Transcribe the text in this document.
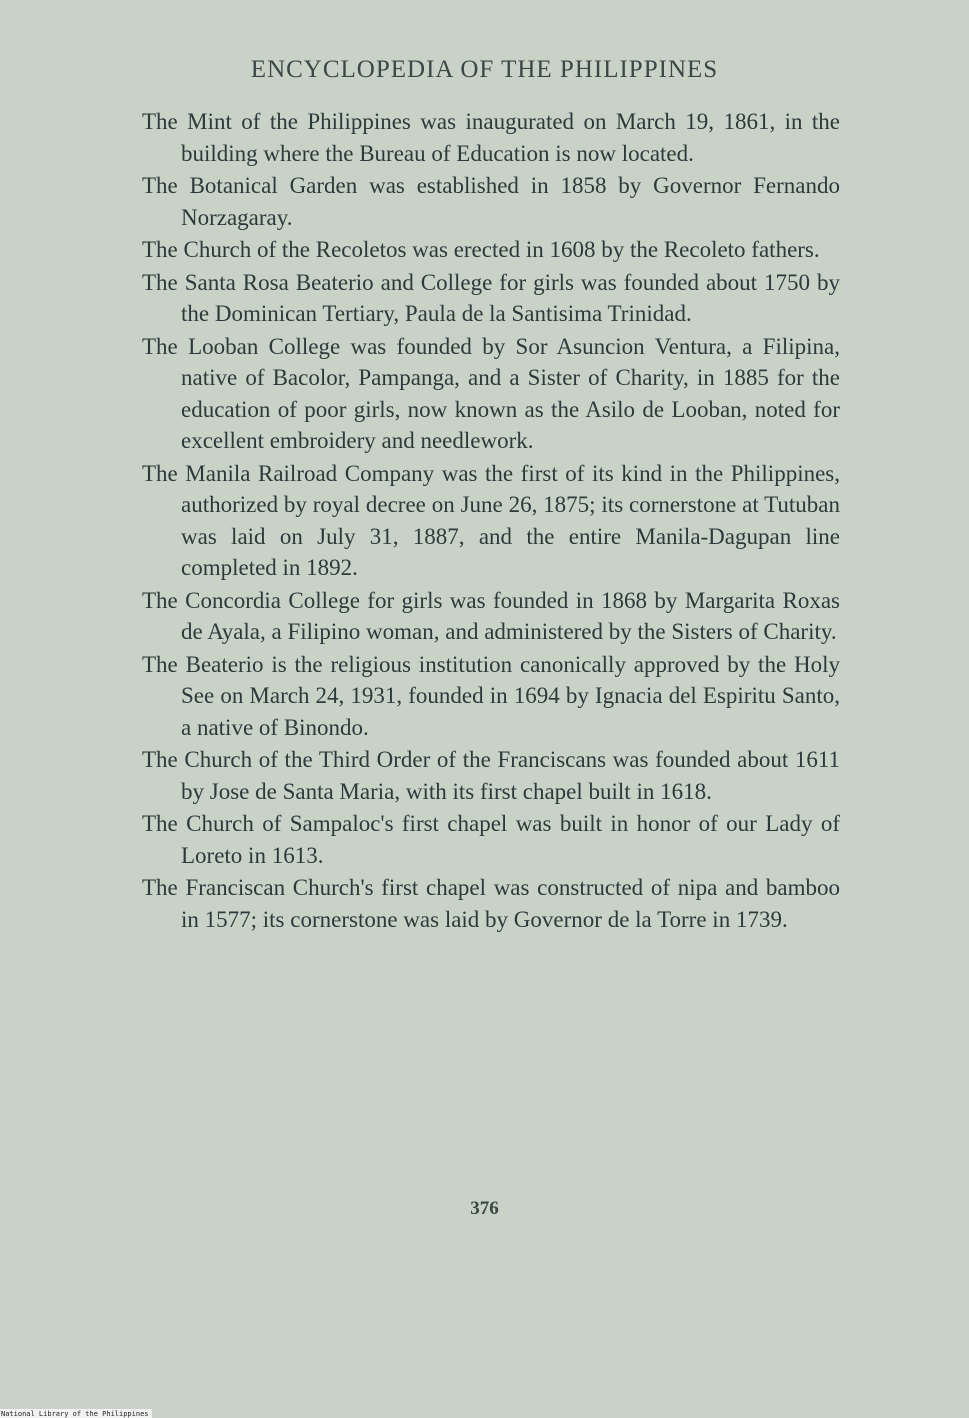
ENCYCLOPEDIA OF THE PHILIPPINES

The Mint of the Philippines was inaugurated on March 19, 1861, in the building where the Bureau of Education is now located.

The Botanical Garden was established in 1858 by Governor Fernando Norzagaray.

The Church of the Recoletos was erected in 1608 by the Recoleto fathers.

The Santa Rosa Beaterio and College for girls was founded about 1750 by the Dominican Tertiary, Paula de la Santisima Trinidad.

The Looban College was founded by Sor Asuncion Ventura, a Filipina, native of Bacolor, Pampanga, and a Sister of Charity, in 1885 for the education of poor girls, now known as the Asilo de Looban, noted for excellent embroidery and needlework.

The Manila Railroad Company was the first of its kind in the Philippines, authorized by royal decree on June 26, 1875; its cornerstone at Tutuban was laid on July 31, 1887, and the entire Manila-Dagupan line completed in 1892.

The Concordia College for girls was founded in 1868 by Margarita Roxas de Ayala, a Filipino woman, and administered by the Sisters of Charity.

The Beaterio is the religious institution canonically approved by the Holy See on March 24, 1931, founded in 1694 by Ignacia del Espiritu Santo, a native of Binondo.

The Church of the Third Order of the Franciscans was founded about 1611 by Jose de Santa Maria, with its first chapel built in 1618.

The Church of Sampaloc's first chapel was built in honor of our Lady of Loreto in 1613.

The Franciscan Church's first chapel was constructed of nipa and bamboo in 1577; its cornerstone was laid by Governor de la Torre in 1739.

376
National Library of the Philippines
